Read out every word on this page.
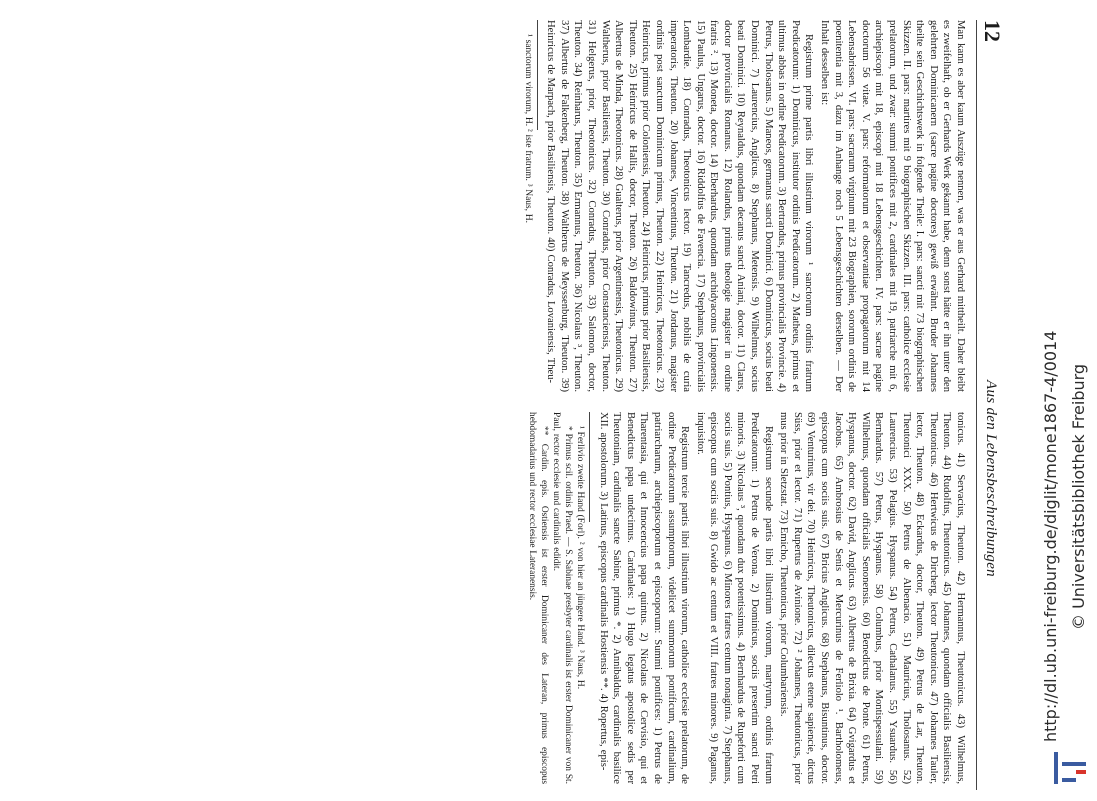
12
Aus den Lebensbeschreibungen

Man kann es aber kaum Auszüge nennen, was er aus Gerhard mittheilt. Daher bleibt es zweifelhaft, ob er Gerhards Werk gekannt habe, denn sonst hätte er ihn unter den gelehrten Dominicanern (sacre pagine doctores) gewiß erwähnt. Bruder Johannes theilte sein Geschichtswerk in folgende Theile: I. pars: sancti mit 73 biographischen Skizzen. II. pars: martires mit 9 biographischen Skizzen. III. pars: catholice ecclesie prelatorum, und zwar: summi pontifices mit 2, cardinales mit 19, patriarche mit 6, archiepiscopi mit 18, episcopi mit 18 Lebensgeschichten. IV. pars: sacrae pagine doctorum 56 vitae. V. pars: reformatorum et observantiae propagatorum mit 14 Lebensabrissen. VI. pars: sacrarum virginum mit 23 Biographien, sororum ordinis de poenitentia mit 3, dazu im Anhange noch 5 Lebensgeschichten derselben. — Der Inhalt desselben ist:

Registrum prime partis libri illustrium virorum ¹ sanctorum ordinis fratrum Predicatorum: 1) Dominicus, institutor ordinis Predicatorum. 2) Matheus, primus et ultimus abbas in ordine Predicatorum. 3) Bertrandus, primus provincialis Provincie. 4) Petrus, Tholosanus. 5) Maneos, germanus sancti Dominici. 6) Dominicus, socius beati Dominici. 7) Laurencius, Anglicus. 8) Stephanus, Metensis. 9) Wilhelmus, socius beati Dominici. 10) Reynaldus, quondam decanus sancti Aniani, doctor. 11) Clarus, doctor provincialis Romanus. 12) Rolandus, primus theologie magister in ordine fratris ². 13) Moneta, doctor. 14) Eberhardus, quondam archidyaconus Lingonensis. 15) Paulus, Ungarus, doctor. 16) Riddolfus de Favencia. 17) Stephanus, provincialis Lombardie. 18) Conradus, Theotonicus lector. 19) Tancredus, nobilis de curia imperatoris, Theuton. 20) Johannes, Vincentinus, Theuton. 21) Jordanus, magister ordinis post sanctum Dominicum primus, Theuton. 22) Heinricus, Theotonicus. 23) Heinricus, primus prior Coloniensis, Theuton. 24) Heinricus, primus prior Basiliensis, Theuton. 25) Heinricus de Hallis, doctor, Theuton. 26) Baldowinus, Theuton. 27) Albertus de Minda, Theotonicus. 28) Gualterus, prior Argentinensis, Theutonicus. 29) Waltherus, prior Basiliensis, Theuton. 30) Conradus, prior Constanciensis, Theuton. 31) Helgerus, prior, Theotonicus. 32) Conradus, Theuton. 33) Salomon, doctor, Theuton. 34) Reinharus, Theuton. 35) Ermannus, Theuton. 36) Nicolaus ³, Theuton. 37) Albertus de Falkenberg, Theuton. 38) Waltherus de Meyssenburg, Theuton. 39) Heinricus de Marpach, prior Basiliensis, Theuton. 40) Conradus, Lovaniensis, Theu-

¹ sanctorum virorum, H. ² iste fratrum. ³ Naus, H.

tonicus. 41) Servacius, Theuton. 42) Hermannus, Theutonicus. 43) Wilhelmus, Theuton. 44) Rudolfus, Theutonicus. 45) Johannes, quondam officialis Basiliensis, Theutonicus. 46) Hertwicus de Dircherg, lector Theutonicus. 47) Johannes Tauler, lector, Theuton. 48) Eckardus, doctor, Theuton. 49) Petrus de Lar, Theuton. Theutonici XXX. 50) Petrus de Albenacio. 51) Mauricius, Tholosanus. 52) Laurencius. 53) Pelagius. Hyspanus. 54) Petrus, Cathalanus. 55) Ysuardus. 56) Bernhardus. 57) Petrus, Hyspanus. 58) Columbus, prior Montispessulani. 59) Wilhelmus, quondam officialis Senonensis. 60) Benedictus de Ponte. 61) Petrus, Hyspanus, doctor. 62) David, Anglicus. 63) Albertus de Brixia. 64) Gvigardus et Jacobus. 65) Ambrosius de Senis et Mercurinus de Ferliolo ¹. Bartholomeus, episcopus cum sociis suis. 67) Bricius Anglicus. 68) Stephanus, Bisuntinus, doctor. 69) Venturinus, vir dei. 70) Heinricus, Theutonicus, dilectus eterne sapiencie, dictus Süss, prior et lector. 71) Rupertus de Avinione. 72) ² Johannes, Theutonicus, prior mus prior in Sletzstat. 73) Emicho, Theutonicus, prior Columbariensis.

Registrum secunde partis libri illustrium virorum, martyrum, ordinis fratrum Predicatorum: 1) Petrus de Verona. 2) Dominicus, sociis presertim sancti Petri minoris. 3) Nicolaus ³, quondam dux potentissimus. 4) Bernhardus de Rupeforti cum sociis suis. 5) Pontius, Hyspanus. 6) Minores fratres centum nonaginta. 7) Stephanus, episcopus cum sociis suis. 8) Gwido ac centum et VIII. fratres minores. 9) Paganus, inquisitor.

Registrum tercie partis libri illustrium virorum, catholice ecclesie prelatorum, de ordine Predicatorum assumptorum, videlicet summorum pontificum, cardinalium, patriarcharum, archiepiscoporum et episcoporum: Summi pontifices: 1) Petrus de Tharentasia, qui et Innocencius papa quintus. 2) Nicolaus de Cervisio, qui et Benedictus papa undecimus. Cardinales: 1) Hugo legatus apostolice sedis per Theutoniam, cardinalis sancte Sabine, primus *. 2) Annibaldus, cardinalis basilice XII. apostolorum. 3) Latinus, episcopus cardinalis Hostiensis **. 4) Ropertus, epis-

¹ Ferlivio zweite Hand (Forl). ² von hier an jüngere Hand. ³ Naus, H.
* Primus scil. ordinis Praed. — S. Sabinae presbyter cardinalis ist erster Dominicaner von St. Paul, rector ecclesie und cardinalis edidit.
** Cardin. epis. Ostiensis ist erster Dominicaner des Lateran, primus episcopus hebdomadarius und rector ecclesiae Lateranensis.	http://dl.ub.uni-freiburg.de/diglit/mone1867-4/0014 © Universitätsbibliothek Freiburg
